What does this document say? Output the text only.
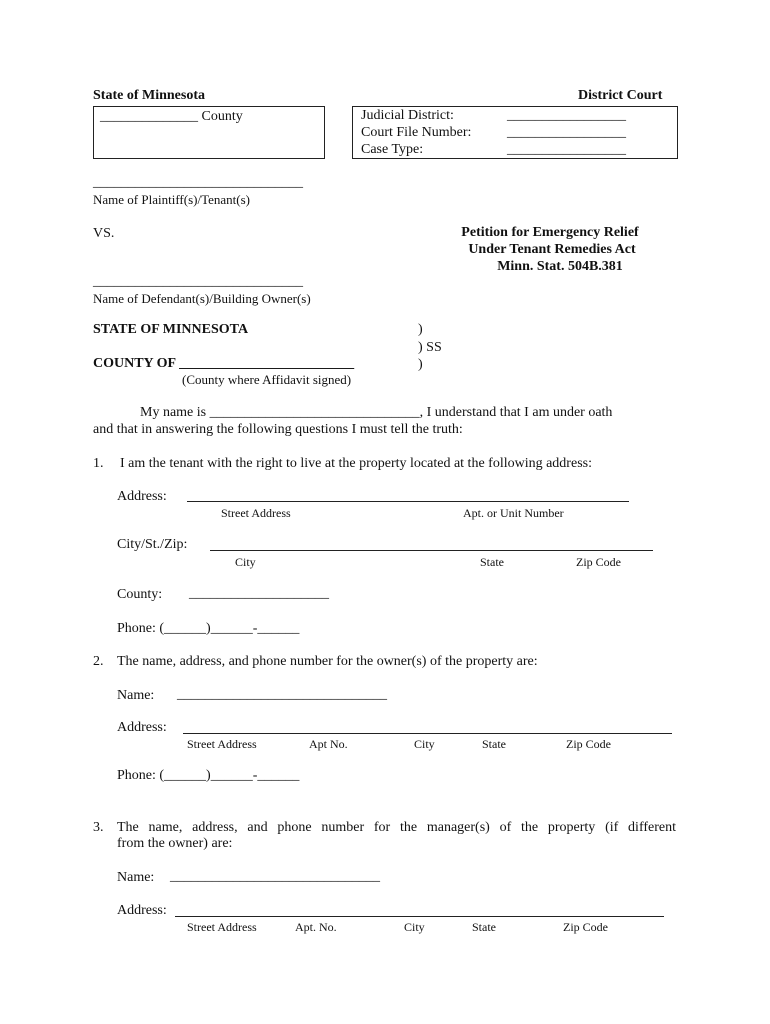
State of Minnesota	District Court
______________ County	Judicial District:	_________________
Court File Number:	_________________
Case Type:	_________________
______________________________
Name of Plaintiff(s)/Tenant(s)
VS.	Petition for Emergency Relief
Under Tenant Remedies Act
Minn. Stat. 504B.381
______________________________
Name of Defendant(s)/Building Owner(s)
STATE OF MINNESOTA	)
) SS
COUNTY OF _________________________	)
(County where Affidavit signed)
My name is ______________________________, I understand that I am under oath
and that in answering the following questions I must tell the truth:
1. I am the tenant with the right to live at the property located at the following address:
Address:
Street Address	Apt. or Unit Number
City/St./Zip:
City	State	Zip Code
County: ____________________
Phone: (______)______-______
2. The name, address, and phone number for the owner(s) of the property are:
Name: ______________________________
Address:
Street Address	Apt No.	City	State	Zip Code
Phone: (______)______-______
3. The name, address, and phone number for the manager(s) of the property (if different
from the owner) are:
Name: ______________________________
Address:
Street Address	Apt. No.	City	State	Zip Code
